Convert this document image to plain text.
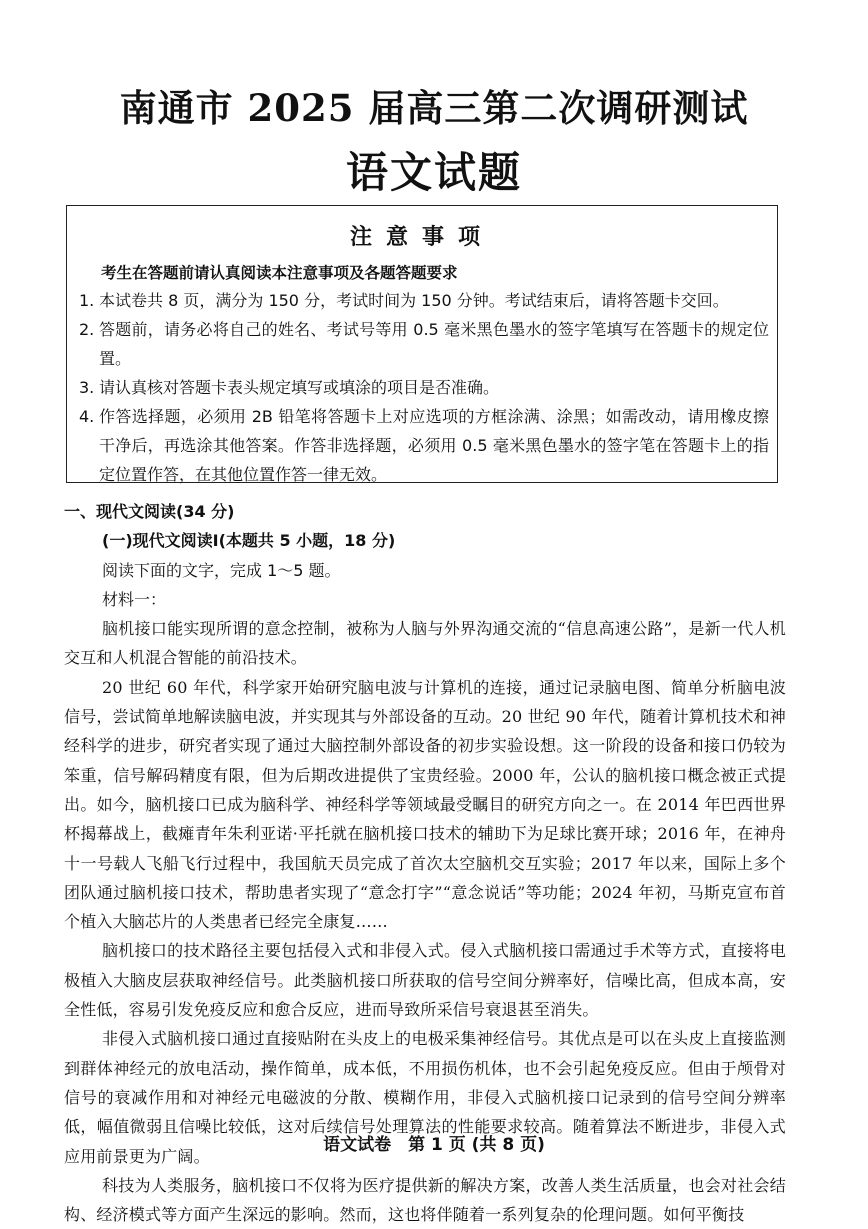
南通市 2025 届高三第二次调研测试
语文试题
注意事项
考生在答题前请认真阅读本注意事项及各题答题要求
1. 本试卷共 8 页，满分为 150 分，考试时间为 150 分钟。考试结束后，请将答题卡交回。
2. 答题前，请务必将自己的姓名、考试号等用 0.5 毫米黑色墨水的签字笔填写在答题卡的规定位置。
3. 请认真核对答题卡表头规定填写或填涂的项目是否准确。
4. 作答选择题，必须用 2B 铅笔将答题卡上对应选项的方框涂满、涂黑；如需改动，请用橡皮擦干净后，再选涂其他答案。作答非选择题，必须用 0.5 毫米黑色墨水的签字笔在答题卡上的指定位置作答，在其他位置作答一律无效。
一、现代文阅读(34 分)
(一)现代文阅读Ⅰ(本题共 5 小题，18 分)
阅读下面的文字，完成 1～5 题。
材料一：
脑机接口能实现所谓的意念控制，被称为人脑与外界沟通交流的“信息高速公路”，是新一代人机交互和人机混合智能的前沿技术。
20 世纪 60 年代，科学家开始研究脑电波与计算机的连接，通过记录脑电图、简单分析脑电波信号，尝试简单地解读脑电波，并实现其与外部设备的互动。20 世纪 90 年代，随着计算机技术和神经科学的进步，研究者实现了通过大脑控制外部设备的初步实验设想。这一阶段的设备和接口仍较为笨重，信号解码精度有限，但为后期改进提供了宝贵经验。2000 年，公认的脑机接口概念被正式提出。如今，脑机接口已成为脑科学、神经科学等领域最受瞩目的研究方向之一。在 2014 年巴西世界杯揭幕战上，截瘫青年朱利亚诺·平托就在脑机接口技术的辅助下为足球比赛开球；2016 年，在神舟十一号载人飞船飞行过程中，我国航天员完成了首次太空脑机交互实验；2017 年以来，国际上多个团队通过脑机接口技术，帮助患者实现了“意念打字”“意念说话”等功能；2024 年初，马斯克宣布首个植入大脑芯片的人类患者已经完全康复……
脑机接口的技术路径主要包括侵入式和非侵入式。侵入式脑机接口需通过手术等方式，直接将电极植入大脑皮层获取神经信号。此类脑机接口所获取的信号空间分辨率好，信噪比高，但成本高，安全性低，容易引发免疫反应和愈合反应，进而导致所采信号衰退甚至消失。
非侵入式脑机接口通过直接贴附在头皮上的电极采集神经信号。其优点是可以在头皮上直接监测到群体神经元的放电活动，操作简单，成本低，不用损伤机体，也不会引起免疫反应。但由于颅骨对信号的衰减作用和对神经元电磁波的分散、模糊作用，非侵入式脑机接口记录到的信号空间分辨率低，幅值微弱且信噪比较低，这对后续信号处理算法的性能要求较高。随着算法不断进步，非侵入式应用前景更为广阔。
科技为人类服务，脑机接口不仅将为医疗提供新的解决方案，改善人类生活质量，也会对社会结构、经济模式等方面产生深远的影响。然而，这也将伴随着一系列复杂的伦理问题。如何平衡技
语文试卷　第 1 页 (共 8 页)
